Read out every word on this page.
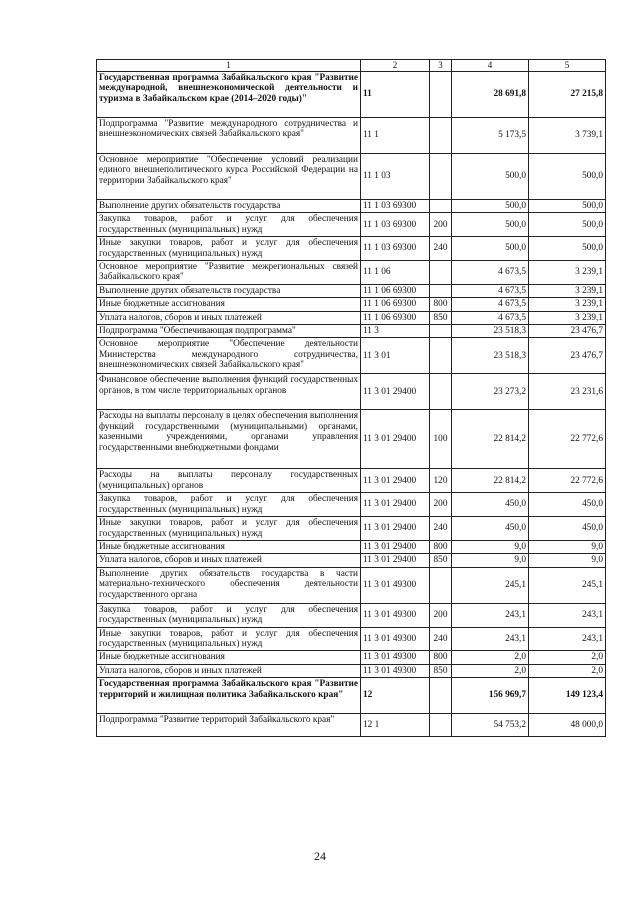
1	2	3	4	5
Государственная программа Забайкальского края "Развитие международной, внешнеэкономической деятельности и туризма в Забайкальском крае (2014–2020 годы)"	11		28 691,8	27 215,8
Подпрограмма "Развитие международного сотрудничества и внешнеэкономических связей Забайкальского края"	11 1		5 173,5	3 739,1
Основное мероприятие "Обеспечение условий реализации единого внешнеполитического курса Российской Федерации на территории Забайкальского края"	11 1 03		500,0	500,0
Выполнение других обязательств государства	11 1 03 69300		500,0	500,0
Закупка товаров, работ и услуг для обеспечения государственных (муниципальных) нужд	11 1 03 69300	200	500,0	500,0
Иные закупки товаров, работ и услуг для обеспечения государственных (муниципальных) нужд	11 1 03 69300	240	500,0	500,0
Основное мероприятие "Развитие межрегиональных связей Забайкальского края"	11 1 06		4 673,5	3 239,1
Выполнение других обязательств государства	11 1 06 69300		4 673,5	3 239,1
Иные бюджетные ассигнования	11 1 06 69300	800	4 673,5	3 239,1
Уплата налогов, сборов и иных платежей	11 1 06 69300	850	4 673,5	3 239,1
Подпрограмма "Обеспечивающая подпрограмма"	11 3		23 518,3	23 476,7
Основное мероприятие "Обеспечение деятельности Министерства международного сотрудничества, внешнеэкономических связей Забайкальского края"	11 3 01		23 518,3	23 476,7
Финансовое обеспечение выполнения функций государственных органов, в том числе территориальных органов	11 3 01 29400		23 273,2	23 231,6
Расходы на выплаты персоналу в целях обеспечения выполнения функций государственными (муниципальными) органами, казенными учреждениями, органами управления государственными внебюджетными фондами	11 3 01 29400	100	22 814,2	22 772,6
Расходы на выплаты персоналу государственных (муниципальных) органов	11 3 01 29400	120	22 814,2	22 772,6
Закупка товаров, работ и услуг для обеспечения государственных (муниципальных) нужд	11 3 01 29400	200	450,0	450,0
Иные закупки товаров, работ и услуг для обеспечения государственных (муниципальных) нужд	11 3 01 29400	240	450,0	450,0
Иные бюджетные ассигнования	11 3 01 29400	800	9,0	9,0
Уплата налогов, сборов и иных платежей	11 3 01 29400	850	9,0	9,0
Выполнение других обязательств государства в части материально-технического обеспечения деятельности государственного органа	11 3 01 49300		245,1	245,1
Закупка товаров, работ и услуг для обеспечения государственных (муниципальных) нужд	11 3 01 49300	200	243,1	243,1
Иные закупки товаров, работ и услуг для обеспечения государственных (муниципальных) нужд	11 3 01 49300	240	243,1	243,1
Иные бюджетные ассигнования	11 3 01 49300	800	2,0	2,0
Уплата налогов, сборов и иных платежей	11 3 01 49300	850	2,0	2,0
Государственная программа Забайкальского края "Развитие территорий и жилищная политика Забайкальского края"	12		156 969,7	149 123,4
Подпрограмма "Развитие территорий Забайкальского края"	12 1		54 753,2	48 000,0
24
